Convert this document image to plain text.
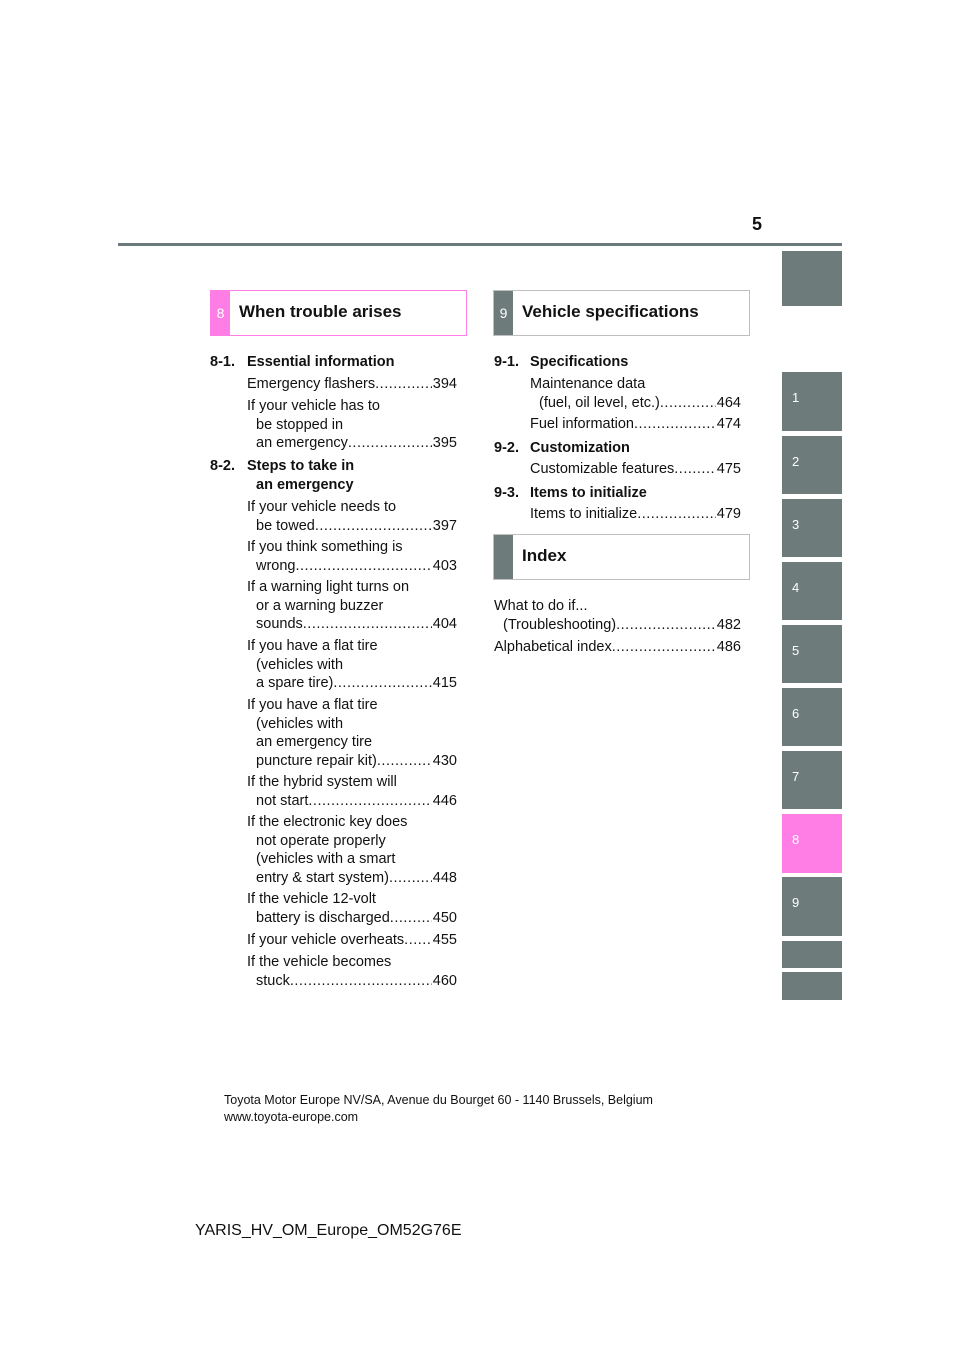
5
1
2
3
4
5
6
7
8
9
8 When trouble arises
8-1. Essential information
Emergency flashers .....	394
If your vehicle has to
be stopped in
an emergency .....	395
8-2. Steps to take in
an emergency
If your vehicle needs to
be towed .....	397
If you think something is
wrong .....	403
If a warning light turns on
or a warning buzzer
sounds .....	404
If you have a flat tire
(vehicles with
a spare tire) .....	415
If you have a flat tire
(vehicles with
an emergency tire
puncture repair kit) .....	430
If the hybrid system will
not start .....	446
If the electronic key does
not operate properly
(vehicles with a smart
entry & start system) .....	448
If the vehicle 12-volt
battery is discharged .....	450
If your vehicle overheats ..... 455
If the vehicle becomes
stuck .....	460
9 Vehicle specifications
9-1. Specifications
Maintenance data
(fuel, oil level, etc.) .....	464
Fuel information .....	474
9-2. Customization
Customizable features .....	475
9-3. Items to initialize
Items to initialize .....	479
Index
What to do if...
(Troubleshooting) .....	482
Alphabetical index .....	486
Toyota Motor Europe NV/SA, Avenue du Bourget 60 - 1140 Brussels, Belgium
www.toyota-europe.com
YARIS_HV_OM_Europe_OM52G76E
